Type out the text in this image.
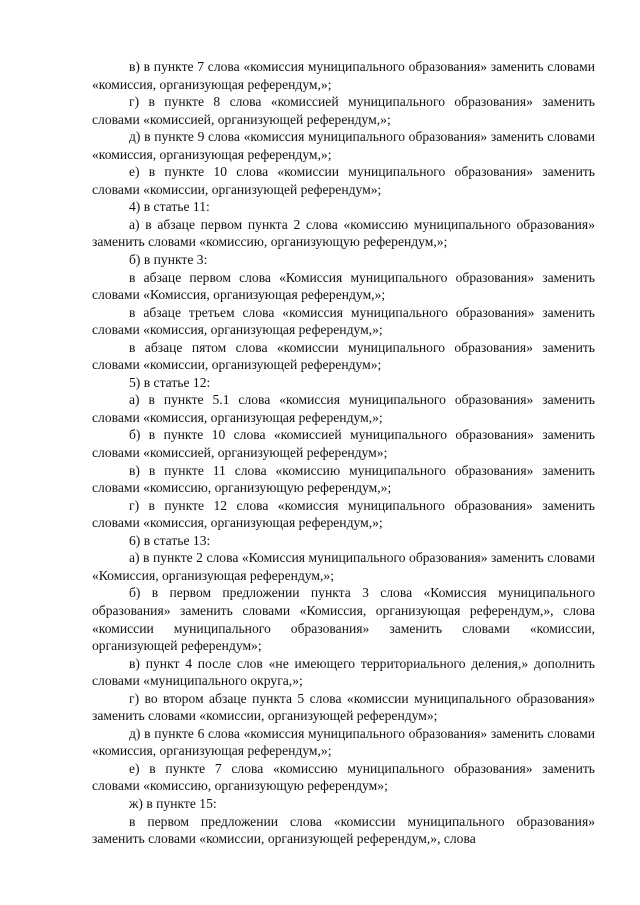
в) в пункте 7 слова «комиссия муниципального образования» заменить словами «комиссия, организующая референдум,»;

г) в пункте 8 слова «комиссией муниципального образования» заменить словами «комиссией, организующей референдум,»;

д) в пункте 9 слова «комиссия муниципального образования» заменить словами «комиссия, организующая референдум,»;

е) в пункте 10 слова «комиссии муниципального образования» заменить словами «комиссии, организующей референдум»;

4) в статье 11:

а) в абзаце первом пункта 2 слова «комиссию муниципального образования» заменить словами «комиссию, организующую референдум,»;

б) в пункте 3:

в абзаце первом слова «Комиссия муниципального образования» заменить словами «Комиссия, организующая референдум,»;

в абзаце третьем слова «комиссия муниципального образования» заменить словами «комиссия, организующая референдум,»;

в абзаце пятом слова «комиссии муниципального образования» заменить словами «комиссии, организующей референдум»;

5) в статье 12:

а) в пункте 5.1 слова «комиссия муниципального образования» заменить словами «комиссия, организующая референдум,»;

б) в пункте 10 слова «комиссией муниципального образования» заменить словами «комиссией, организующей референдум»;

в) в пункте 11 слова «комиссию муниципального образования» заменить словами «комиссию, организующую референдум,»;

г) в пункте 12 слова «комиссия муниципального образования» заменить словами «комиссия, организующая референдум,»;

6) в статье 13:

а) в пункте 2 слова «Комиссия муниципального образования» заменить словами «Комиссия, организующая референдум,»;

б) в первом предложении пункта 3 слова «Комиссия муниципального образования» заменить словами «Комиссия, организующая референдум,», слова «комиссии муниципального образования» заменить словами «комиссии, организующей референдум»;

в) пункт 4 после слов «не имеющего территориального деления,» дополнить словами «муниципального округа,»;

г) во втором абзаце пункта 5 слова «комиссии муниципального образования» заменить словами «комиссии, организующей референдум»;

д) в пункте 6 слова «комиссия муниципального образования» заменить словами «комиссия, организующая референдум,»;

е) в пункте 7 слова «комиссию муниципального образования» заменить словами «комиссию, организующую референдум»;

ж) в пункте 15:

в первом предложении слова «комиссии муниципального образования» заменить словами «комиссии, организующей референдум,», слова
